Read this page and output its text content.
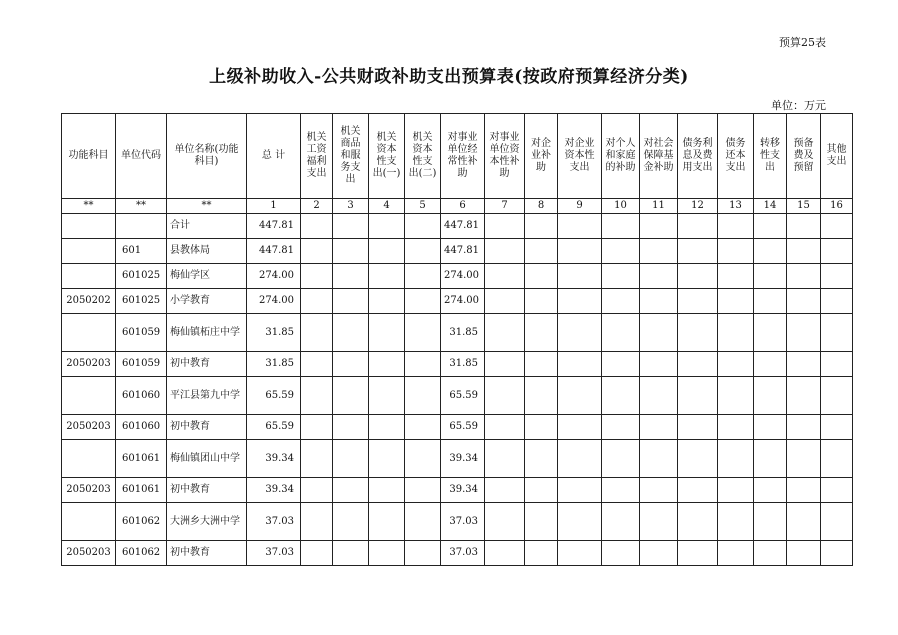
预算25表
上级补助收入-公共财政补助支出预算表(按政府预算经济分类)
单位：万元
功能科目	单位代码	单位名称(功能科目)	总 计	机关工资福利支出	机关商品和服务支出	机关资本性支出(一)	机关资本性支出(二)	对事业单位经常性补助	对事业单位资本性补助	对企业补助	对企业资本性支出	对个人和家庭的补助	对社会保障基金补助	债务利息及费用支出	债务还本支出	转移性支出	预备费及预留	其他支出
**	**	**	1	2	3	4	5	6	7	8	9	10	11	12	13	14	15	16
		合计	447.81					447.81										
	601	县教体局	447.81					447.81										
	601025	梅仙学区	274.00					274.00										
2050202	601025	小学教育	274.00					274.00										
	601059	梅仙镇柘庄中学	31.85					31.85										
2050203	601059	初中教育	31.85					31.85										
	601060	平江县第九中学	65.59					65.59										
2050203	601060	初中教育	65.59					65.59										
	601061	梅仙镇团山中学	39.34					39.34										
2050203	601061	初中教育	39.34					39.34										
	601062	大洲乡大洲中学	37.03					37.03										
2050203	601062	初中教育	37.03					37.03										
